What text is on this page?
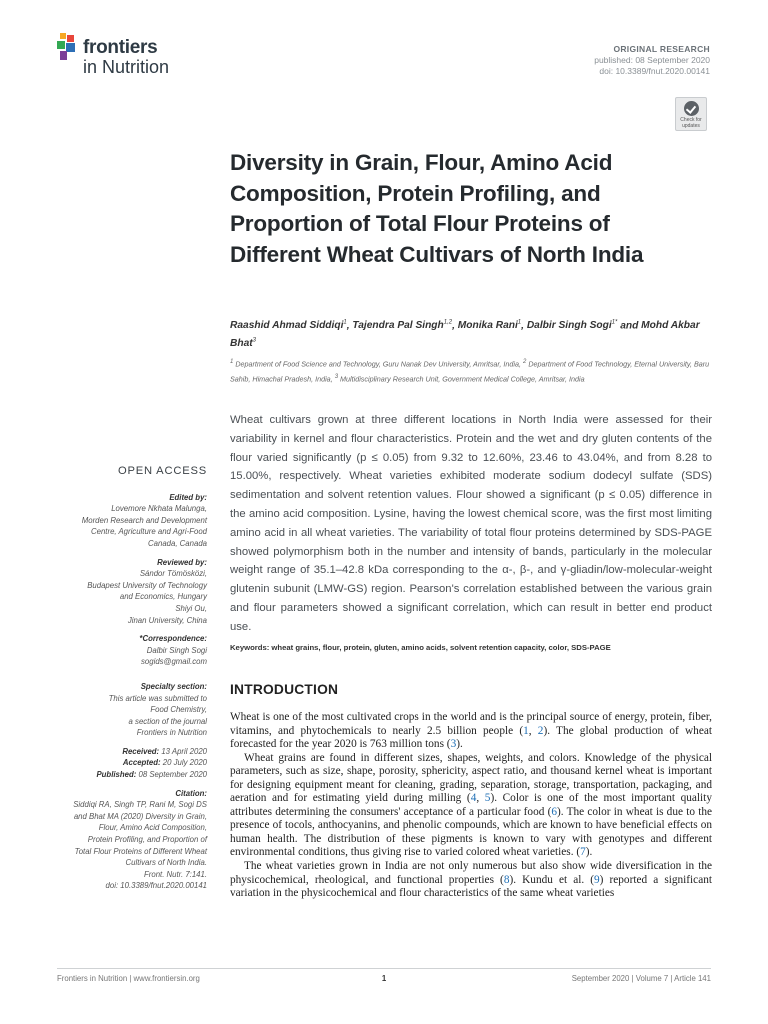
frontiers
in Nutrition
ORIGINAL RESEARCH
published: 08 September 2020
doi: 10.3389/fnut.2020.00141
Check for
updates
Diversity in Grain, Flour, Amino Acid Composition, Protein Profiling, and Proportion of Total Flour Proteins of Different Wheat Cultivars of North India
Raashid Ahmad Siddiqi$^1$, Tajendra Pal Singh$^{1,2}$, Monika Rani$^1$, Dalbir Singh Sogi$^{1*}$ and Mohd Akbar Bhat$^3$
$^1$ Department of Food Science and Technology, Guru Nanak Dev University, Amritsar, India, $^2$ Department of Food Technology, Eternal University, Baru Sahib, Himachal Pradesh, India, $^3$ Multidisciplinary Research Unit, Government Medical College, Amritsar, India
Wheat cultivars grown at three different locations in North India were assessed for their variability in kernel and flour characteristics. Protein and the wet and dry gluten contents of the flour varied significantly (p ≤ 0.05) from 9.32 to 12.60%, 23.46 to 43.04%, and from 8.28 to 15.00%, respectively. Wheat varieties exhibited moderate sodium dodecyl sulfate (SDS) sedimentation and solvent retention values. Flour showed a significant (p ≤ 0.05) difference in the amino acid composition. Lysine, having the lowest chemical score, was the first most limiting amino acid in all wheat varieties. The variability of total flour proteins determined by SDS-PAGE showed polymorphism both in the number and intensity of bands, particularly in the molecular weight range of 35.1–42.8 kDa corresponding to the α-, β-, and γ-gliadin/low-molecular-weight glutenin subunit (LMW-GS) region. Pearson's correlation established between the various grain and flour parameters showed a significant correlation, which can result in better end product use.
Keywords: wheat grains, flour, protein, gluten, amino acids, solvent retention capacity, color, SDS-PAGE
OPEN ACCESS
Edited by:
Lovemore Nkhata Malunga,
Morden Research and Development
Centre, Agriculture and Agri-Food
Canada, Canada
Reviewed by:
Sándor Tömösközi,
Budapest University of Technology
and Economics, Hungary
Shiyi Ou,
Jinan University, China
*Correspondence:
Dalbir Singh Sogi
sogids@gmail.com
Specialty section:
This article was submitted to
Food Chemistry,
a section of the journal
Frontiers in Nutrition
Received: 13 April 2020
Accepted: 20 July 2020
Published: 08 September 2020
Citation:
Siddiqi RA, Singh TP, Rani M, Sogi DS
and Bhat MA (2020) Diversity in Grain,
Flour, Amino Acid Composition,
Protein Profiling, and Proportion of
Total Flour Proteins of Different Wheat
Cultivars of North India.
Front. Nutr. 7:141.
doi: 10.3389/fnut.2020.00141
INTRODUCTION

Wheat is one of the most cultivated crops in the world and is the principal source of energy, protein, fiber, vitamins, and phytochemicals to nearly 2.5 billion people (1, 2). The global production of wheat forecasted for the year 2020 is 763 million tons (3).

Wheat grains are found in different sizes, shapes, weights, and colors. Knowledge of the physical parameters, such as size, shape, porosity, sphericity, aspect ratio, and thousand kernel wheat is important for designing equipment meant for cleaning, grading, separation, storage, transportation, packaging, and aeration and for estimating yield during milling (4, 5). Color is one of the most important quality attributes determining the consumers' acceptance of a particular food (6). The color in wheat is due to the presence of tocols, anthocyanins, and phenolic compounds, which are known to have beneficial effects on human health. The distribution of these pigments is known to vary with genotypes and different environmental conditions, thus giving rise to varied colored wheat varieties. (7).

The wheat varieties grown in India are not only numerous but also show wide diversification in the physicochemical, rheological, and functional properties (8). Kundu et al. (9) reported a significant variation in the physicochemical and flour characteristics of the same wheat varieties

Frontiers in Nutrition | www.frontiersin.org	1	September 2020 | Volume 7 | Article 141
